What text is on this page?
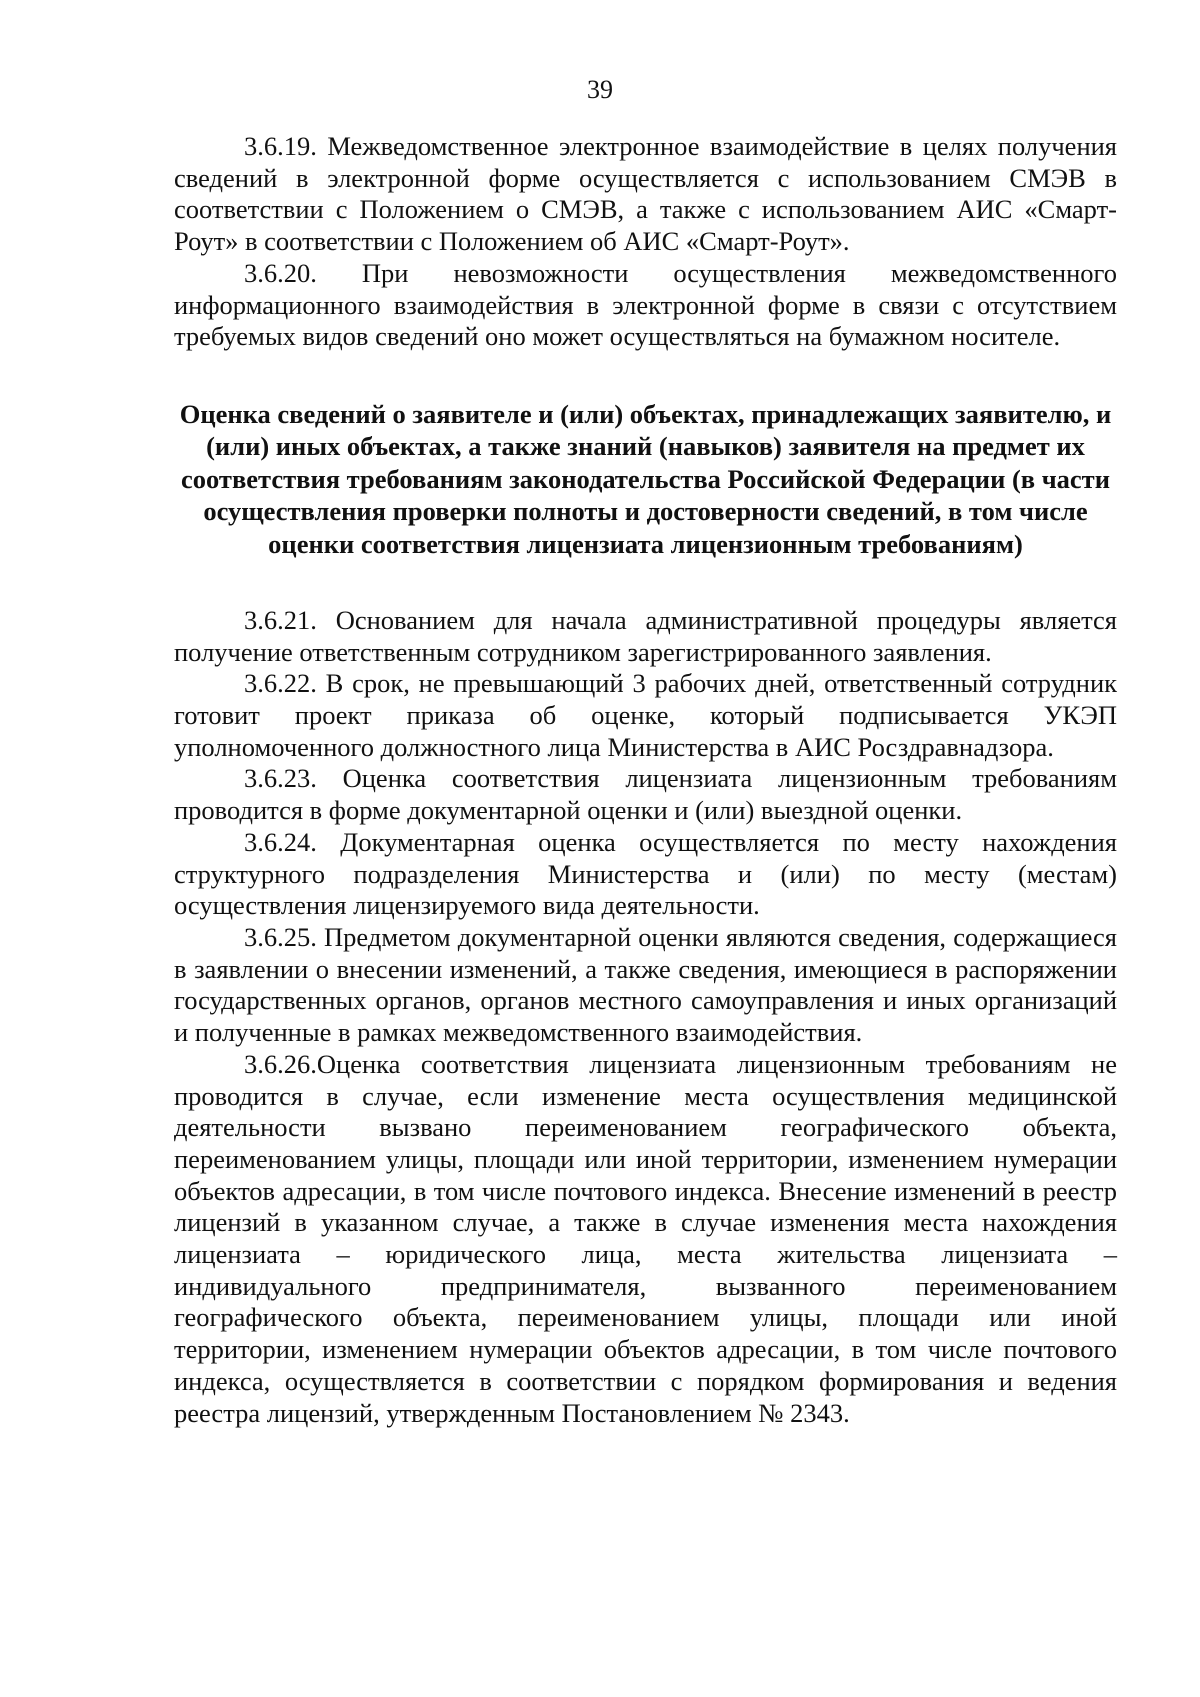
39

3.6.19. Межведомственное электронное взаимодействие в целях получения сведений в электронной форме осуществляется с использованием СМЭВ в соответствии с Положением о СМЭВ, а также с использованием АИС «Смарт-Роут» в соответствии с Положением об АИС «Смарт-Роут».

3.6.20. При невозможности осуществления межведомственного информационного взаимодействия в электронной форме в связи с отсутствием требуемых видов сведений оно может осуществляться на бумажном носителе.

Оценка сведений о заявителе и (или) объектах, принадлежащих заявителю, и (или) иных объектах, а также знаний (навыков) заявителя на предмет их соответствия требованиям законодательства Российской Федерации (в части осуществления проверки полноты и достоверности сведений, в том числе оценки соответствия лицензиата лицензионным требованиям)

3.6.21. Основанием для начала административной процедуры является получение ответственным сотрудником зарегистрированного заявления.

3.6.22. В срок, не превышающий 3 рабочих дней, ответственный сотрудник готовит проект приказа об оценке, который подписывается УКЭП уполномоченного должностного лица Министерства в АИС Росздравнадзора.

3.6.23. Оценка соответствия лицензиата лицензионным требованиям проводится в форме документарной оценки и (или) выездной оценки.

3.6.24. Документарная оценка осуществляется по месту нахождения структурного подразделения Министерства и (или) по месту (местам) осуществления лицензируемого вида деятельности.

3.6.25. Предметом документарной оценки являются сведения, содержащиеся в заявлении о внесении изменений, а также сведения, имеющиеся в распоряжении государственных органов, органов местного самоуправления и иных организаций и полученные в рамках межведомственного взаимодействия.

3.6.26.Оценка соответствия лицензиата лицензионным требованиям не проводится в случае, если изменение места осуществления медицинской деятельности вызвано переименованием географического объекта, переименованием улицы, площади или иной территории, изменением нумерации объектов адресации, в том числе почтового индекса. Внесение изменений в реестр лицензий в указанном случае, а также в случае изменения места нахождения лицензиата – юридического лица, места жительства лицензиата – индивидуального предпринимателя, вызванного переименованием географического объекта, переименованием улицы, площади или иной территории, изменением нумерации объектов адресации, в том числе почтового индекса, осуществляется в соответствии с порядком формирования и ведения реестра лицензий, утвержденным Постановлением № 2343.
